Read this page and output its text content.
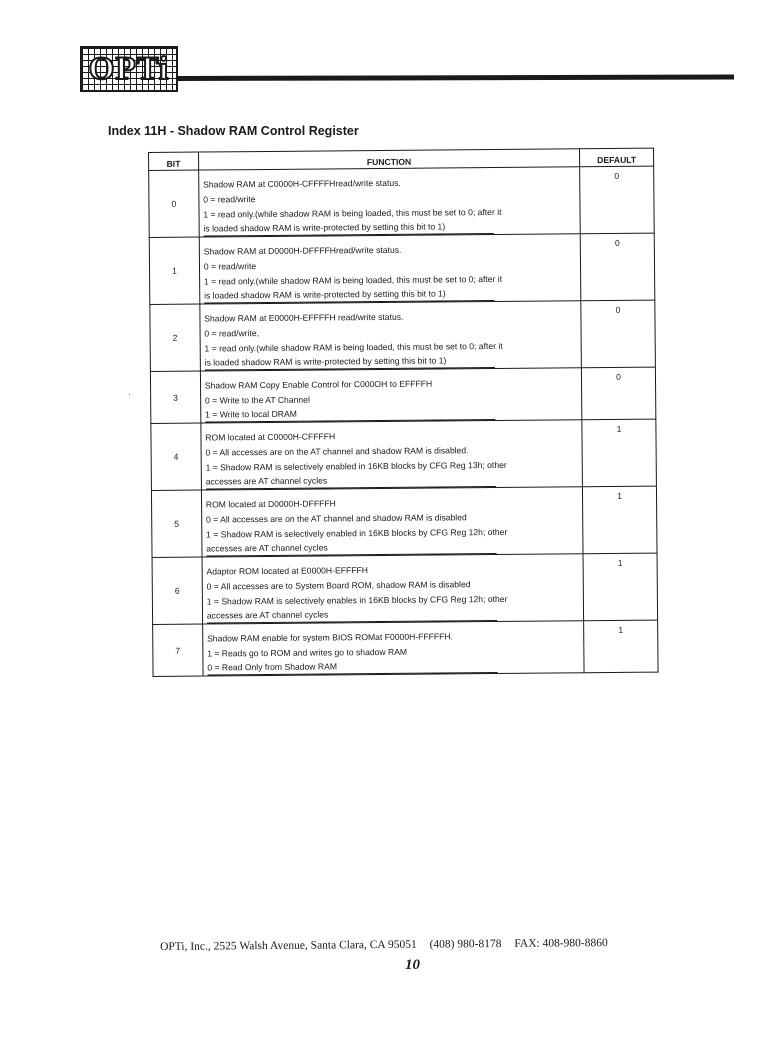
OPTi
Index 11H - Shadow RAM Control Register
BIT	FUNCTION	DEFAULT
0	Shadow RAM at C0000H-CFFFFHread/write status.
0 = read/write
1 = read only.(while shadow RAM is being loaded, this must be set to 0; after it
is loaded shadow RAM is write-protected by setting this bit to 1)	0
1	Shadow RAM at D0000H-DFFFFHread/write status.
0 = read/write
1 = read only.(while shadow RAM is being loaded, this must be set to 0; after it
is loaded shadow RAM is write-protected by setting this bit to 1)	0
2	Shadow RAM at E0000H-EFFFFH read/write status.
0 = read/write,
1 = read only.(while shadow RAM is being loaded, this must be set to 0; after it
is loaded shadow RAM is write-protected by setting this bit to 1)	0
3	Shadow RAM Copy Enable Control for C000OH to EFFFFH
0 = Write to the AT Channel
1 = Write to local DRAM	0
4	ROM located at C0000H-CFFFFH
0 = All accesses are on the AT channel and shadow RAM is disabled.
1 = Shadow RAM is selectively enabled in 16KB blocks by CFG Reg 13h; other
accesses are AT channel cycles	1
5	ROM located at D0000H-DFFFFH
0 = All accesses are on the AT channel and shadow RAM is disabled
1 = Shadow RAM is selectively enabled in 16KB blocks by CFG Reg 12h; other
accesses are AT channel cycles	1
6	Adaptor ROM located at E0000H-EFFFFH
0 = All accesses are to System Board ROM, shadow RAM is disabled
1 = Shadow RAM is selectively enables in 16KB blocks by CFG Reg 12h; other
accesses are AT channel cycles	1
7	Shadow RAM enable for system BIOS ROMat F0000H-FFFFFH.
1 = Reads go to ROM and writes go to shadow RAM
0 = Read Only from Shadow RAM	1
·
OPTi, Inc., 2525 Walsh Avenue, Santa Clara, CA 95051 (408) 980-8178 FAX: 408-980-8860
10
